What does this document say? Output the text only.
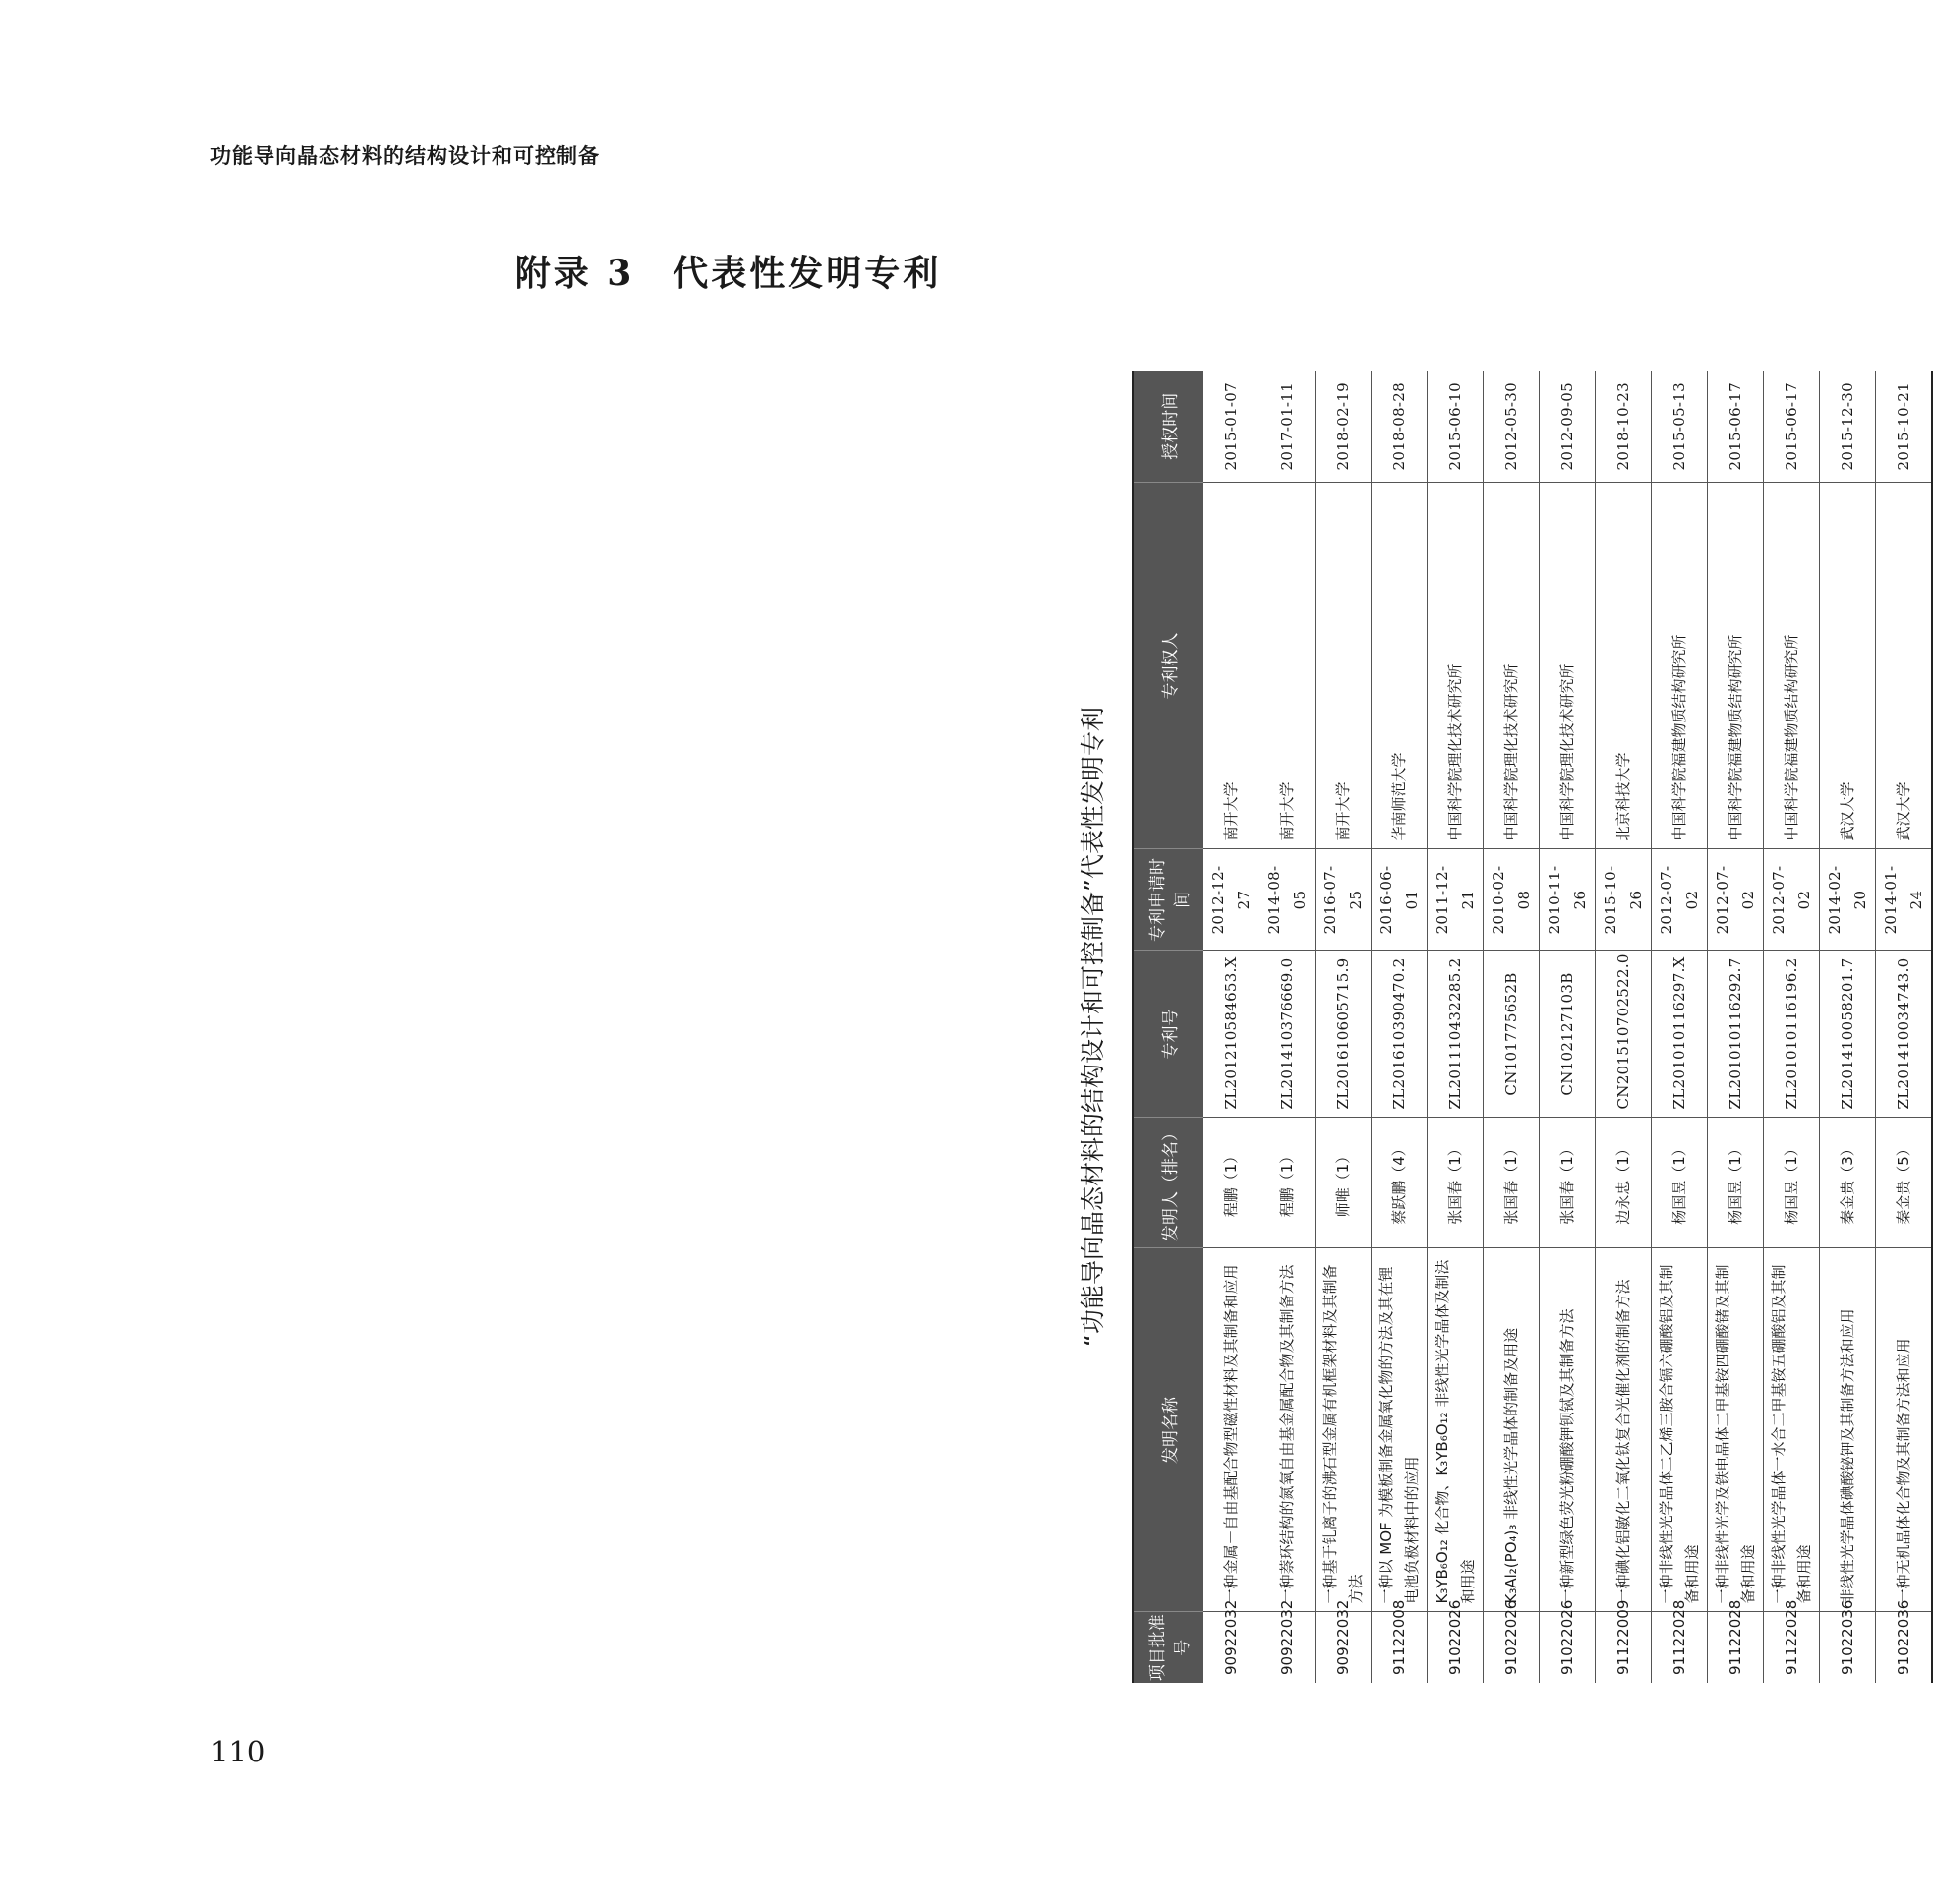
功能导向晶态材料的结构设计和可控制备
附录 3　代表性发明专利
“功能导向晶态材料的结构设计和可控制备”代表性发明专利
项目批准号	发明名称	发明人（排名）	专利号	专利申请时间	专利权人	授权时间
90922032	一种金属－自由基配合物型磁性材料及其制备和应用	程鹏（1）	ZL201210584653.X	2012-12-27	南开大学	2015-01-07
90922032	一种萘环结构的氮氧自由基金属配合物及其制备方法	程鹏（1）	ZL201410376669.0	2014-08-05	南开大学	2017-01-11
90922032	一种基于钆离子的沸石型金属有机框架材料及其制备方法	师唯（1）	ZL201610605715.9	2016-07-25	南开大学	2018-02-19
91122008	一种以 MOF 为模板制备金属氧化物的方法及其在锂电池负极材料中的应用	蔡跃鹏（4）	ZL201610390470.2	2016-06-01	华南师范大学	2018-08-28
91022026	K₃YB₆O₁₂ 化合物、K₃YB₆O₁₂ 非线性光学晶体及制法和用途	张国春（1）	ZL201110432285.2	2011-12-21	中国科学院理化技术研究所	2015-06-10
91022026	K₃Al₂(PO₄)₃ 非线性光学晶体的制备及用途	张国春（1）	CN101775652B	2010-02-08	中国科学院理化技术研究所	2012-05-30
91022026	一种新型绿色荧光粉硼酸钾钡铽及其制备方法	张国春（1）	CN102127103B	2010-11-26	中国科学院理化技术研究所	2012-09-05
91122009	一种碘化铝敏化二氧化钛复合光催化剂的制备方法	边永忠（1）	CN201510702522.0	2015-10-26	北京科技大学	2018-10-23
91122028	一种非线性光学晶体二乙烯三胺合镉六硼酸铝及其制备和用途	杨国昱（1）	ZL201010116297.X	2012-07-02	中国科学院福建物质结构研究所	2015-05-13
91122028	一种非线性光学及铁电晶体二甲基铵四硼酸锗及其制备和用途	杨国昱（1）	ZL201010116292.7	2012-07-02	中国科学院福建物质结构研究所	2015-06-17
91122028	一种非线性光学晶体一水合二甲基铵五硼酸铝及其制备和用途	杨国昱（1）	ZL201010116196.2	2012-07-02	中国科学院福建物质结构研究所	2015-06-17
91022036	非线性光学晶体碘酸铋钾及其制备方法和应用	秦金贵（3）	ZL201410058201.7	2014-02-20	武汉大学	2015-12-30
91022036	一种无机晶体化合物及其制备方法和应用	秦金贵（5）	ZL201410034743.0	2014-01-24	武汉大学	2015-10-21
110
